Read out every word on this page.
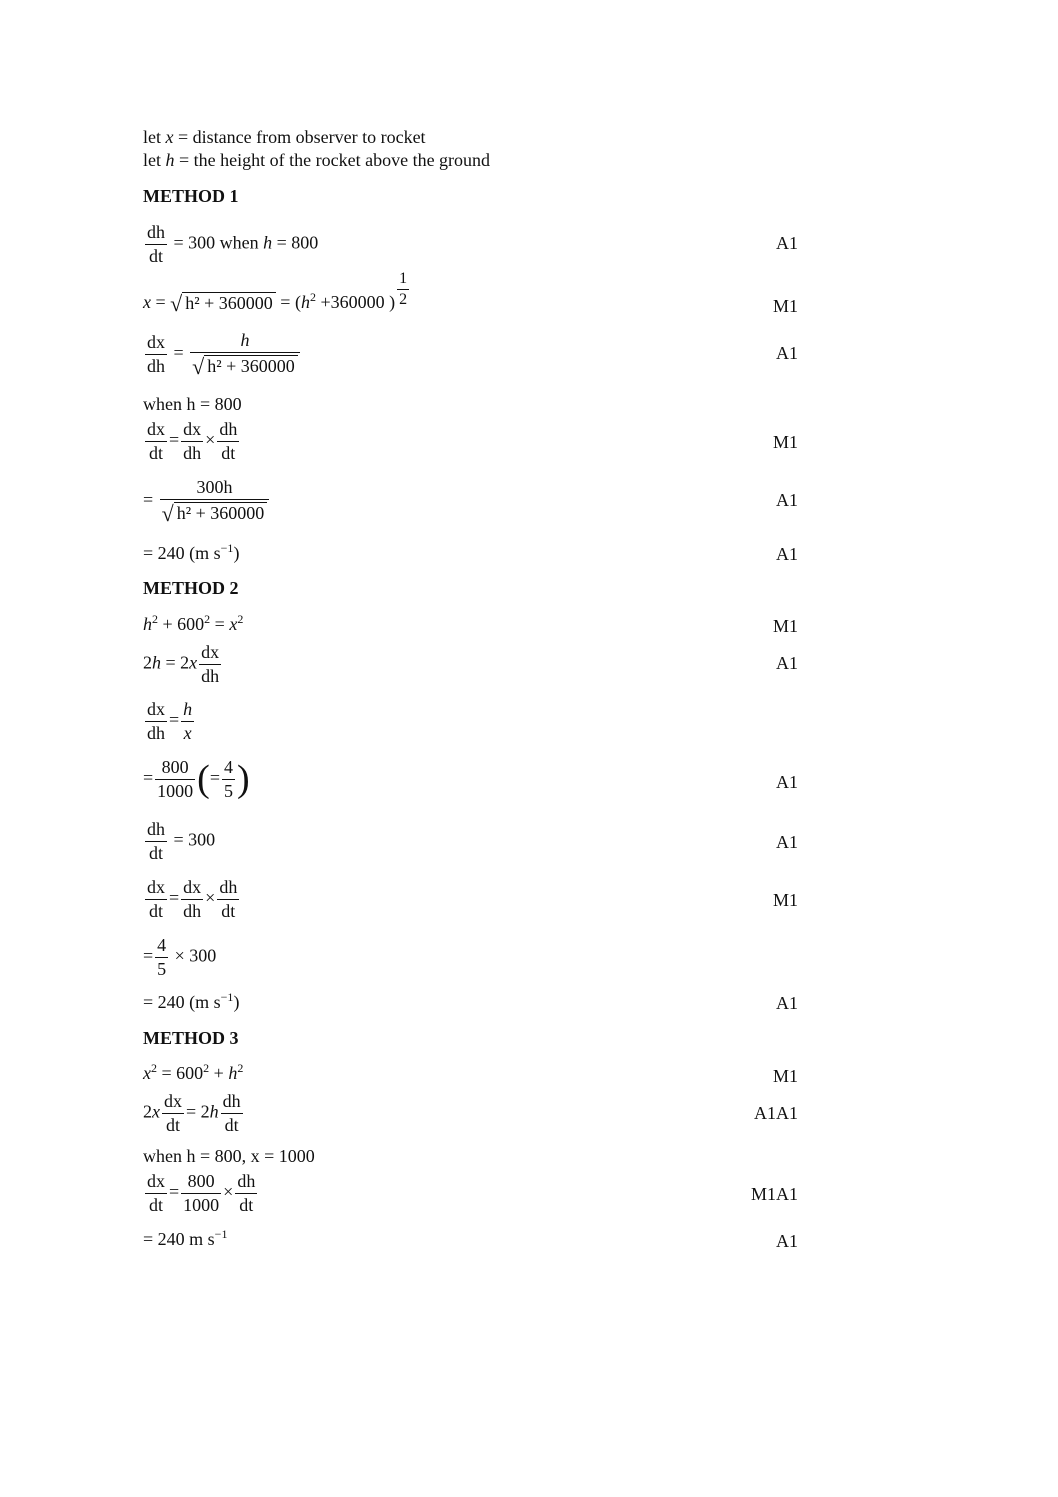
let x = distance from observer to rocket
let h = the height of the rocket above the ground
METHOD 1
$\frac{dh}{dt} = 300$ when h = 800	A1
x = √ $h^2 + 360000 = (h^2 +360000$ ) $\frac{1}{2}$	M1
$\frac{dx}{dh} = \frac{h}{\text{√ h² + 360000}}$	A1
when h = 800
$\frac{dx}{dt} = \frac{dx}{dh} \times \frac{dh}{dt}$	M1
= $\frac{300h}{\text{√ h² + 360000}}$	A1
= 240 (m $s^{-1}$)	A1
METHOD 2
$h^2 + 600^2 = x^2$	M1
$2h = 2x \frac{dx}{dh}$	A1
$\frac{dx}{dh} = \frac{h}{x}$
= $\frac{800}{1000}$ (= $\frac{4}{5}$ )	A1
$\frac{dh}{dt} = 300$	A1
$\frac{dx}{dt} = \frac{dx}{dh} \times \frac{dh}{dt}$	M1
= $\frac{4}{5} \times 300$
= 240 (m $s^{-1}$)	A1
METHOD 3
$x^2 = 600^2 + h^2$	M1
$2x \frac{dx}{dt} = 2h \frac{dh}{dt}$	A1A1
when h = 800, x = 1000
$\frac{dx}{dt} = \frac{800}{1000} \times \frac{dh}{dt}$	M1A1
= 240 m $s^{-1}$	A1
